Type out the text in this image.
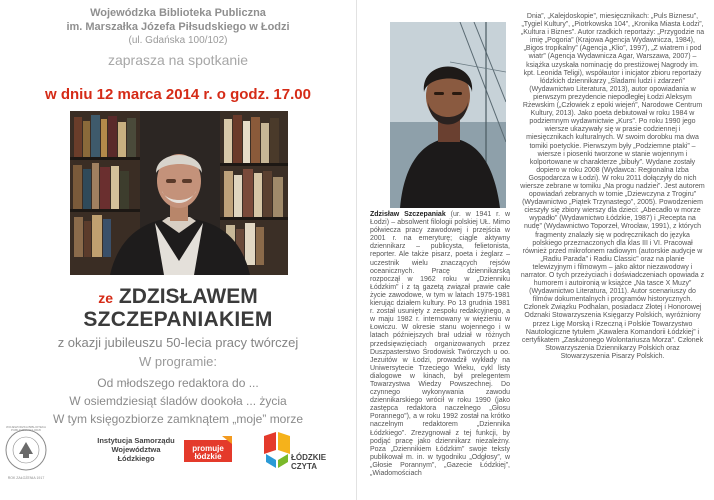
Wojewódzka Biblioteka Publiczna
im. Marszałka Józefa Piłsudskiego w Łodzi
(ul. Gdańska 100/102)
zaprasza na spotkanie
w dniu 12 marca 2014 r. o godz. 17.00
ze ZDZISŁAWEM
SZCZEPANIAKIEM
z okazji jubileuszu 50-lecia pracy twórczej
W programie:
Od młodszego redaktora do ...
W osiemdziesiąt śladów dookoła ... życia
W tym księgozbiorze zamknątem „moje” morze
WOJEWÓDZKA BIBLIOTEKA PUBLICZNA W ŁODZI
ROK ZAŁOŻENIA 1917
Instytucja Samorządu Województwa Łódzkiego
promuje łódzkie	ŁÓDZKIE
CZYTA
Zdzisław Szczepaniak (ur. w 1941 r. w Łodzi) – absolwent filologii polskiej UŁ. Mimo półwiecza pracy zawodowej i przejścia w 2001 r. na emeryturę; ciągle aktywny dziennikarz – publicysta, felietonista, reporter. Ale także pisarz, poeta i żeglarz – uczestnik wielu znaczących rejsów oceanicznych. Pracę dziennikarską rozpoczął w 1962 roku w „Dzienniku Łódzkim” i z tą gazetą związał prawie całe życie zawodowe, w tym w latach 1975-1981 kierując działem kultury. Po 13 grudnia 1981 r. został usunięty z zespołu redakcyjnego, a w maju 1982 r. internowany w więzieniu w Łowiczu. W okresie stanu wojennego i w latach późniejszych brał udział w różnych przedsięwzięciach organizowanych przez Duszpasterstwo Środowisk Twórczych u oo. Jezuitów w Łodzi, prowadził wykłady na Uniwersytecie Trzeciego Wieku, cykl listy dialogowe w kinach, był prelegentem Towarzystwa Wiedzy Powszechnej. Do czynnego wykonywania zawodu dziennikarskiego wrócił w roku 1990 (jako zastępca redaktora naczelnego „Głosu Porannego”), a w roku 1992 został na krótko naczelnym redaktorem „Dziennika Łódzkiego”. Zrezygnował z tej funkcji, by podjąć pracę jako dziennikarz niezależny. Poza „Dziennikiem Łódzkim” swoje teksty publikował m. in. w tygodniku „Odgłosy”, w „Głosie Porannym”, „Gazecie Łódzkiej”, „Wiadomościach
Dnia”, „Kalejdoskopie”, miesięcznikach: „Puls Biznesu”, „Tygiel Kultury”, „Piotrkowska 104”, „Kronika Miasta Łodzi”, „Kultura i Biznes”. Autor rzadkich reportaży: „Przygodzie na imię „Pogoria” (Krajowa Agencja Wydawnicza, 1984), „Bigos tropikalny” (Agencja „Klio”, 1997), „Z wiatrem i pod wiatr” (Agencja Wydawnicza Agar, Warszawa, 2007) – książka uzyskała nominację do prestiżowej Nagrody im. kpt. Leonida Teligi), współautor i inicjator zbioru reportaży łódzkich dziennikarzy „Śladami ludzi i zdarzeń” (Wydawnictwo Literatura, 2013), autor opowiadania w pierwszym prezydencie niepodległej Łodzi Aleksym Rżewskim („Człowiek z epoki wiejeń”, Narodowe Centrum Kultury, 2013). Jako poeta debiutował w roku 1984 w podziemnym wydawnictwie „Kurs”. Po roku 1990 jego wiersze ukazywały się w prasie codziennej i miesięcznikach kulturalnych. W swoim dorobku ma dwa tomiki poetyckie. Pierwszym były „Podziemne ptaki” – wiersze i piosenki tworzone w stanie wojennym i kolportowane w charakterze „bibuły”. Wydane zostały dopiero w roku 2008 (Wydawca: Regionalna Izba Gospodarcza w Łodzi). W roku 2011 dołączyły do nich wiersze zebrane w tomiku „Na progu nadziei”. Jest autorem opowiadań zebranych w tomie „Dziewczyna z Trogiru” (Wydawnictwo „Piątek Trzynastego”, 2005). Powodzeniem cieszyły się zbiory wierszy dla dzieci: „Abecadło w morze wypadło” (Wydawnictwo Łódzkie, 1987) i „Recepta na nudę” (Wydawnictwo Toporzeł, Wrocław, 1991), z których fragmenty znalazły się w podręcznikach do języka polskiego przeznaczonych dla klas III i VI. Pracował również przed mikrofonem radiowym (autorskie audycje w „Radiu Parada” i Radiu Classic” oraz na planie telewizyjnym i filmowym – jako aktor niezawodowy i narrator. O tych przeżyciach i doświadczeniach opowiada z humorem i autoironią w książce „Na tasce X Muzy” (Wydawnictwo Literatura, 2011). Autor scenariuszy do filmów dokumentalnych i programów historycznych. Członek Związku Podhalan, posiadacz Złotej i Honorowej Odznaki Stowarzyszenia Księgarzy Polskich, wyróżniony przez Ligę Morską i Rzeczną i Polskie Towarzystwo Nautologiczne tytułem „Kawalera Komandorii Łódzkiej” i certyfikatem „Zasłużonego Wolontariusza Morza”. Członek Stowarzyszenia Dziennikarzy Polskich oraz Stowarzyszenia Pisarzy Polskich.
